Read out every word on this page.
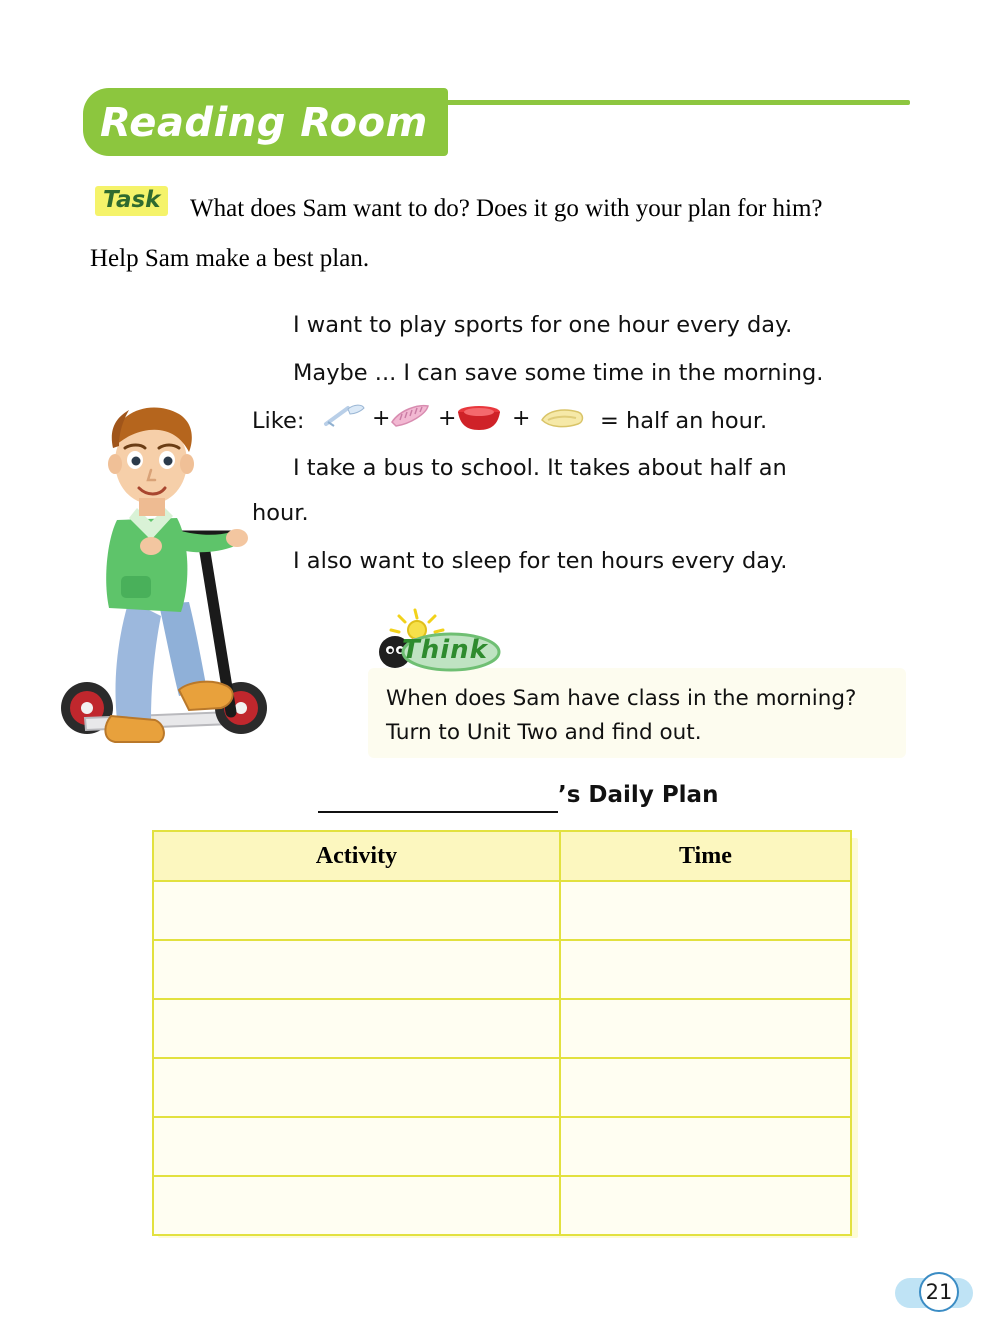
Reading Room
Task	What does Sam want to do? Does it go with your plan for him?
Help Sam make a best plan.
I want to play sports for one hour every day.
Maybe ... I can save some time in the morning.
Like:	+ +	+	= half an hour.
I take a bus to school. It takes about half an
hour.
I also want to sleep for ten hours every day.
Think
When does Sam have class in the morning?
Turn to Unit Two and find out.
’s Daily Plan
Activity	Time

21
